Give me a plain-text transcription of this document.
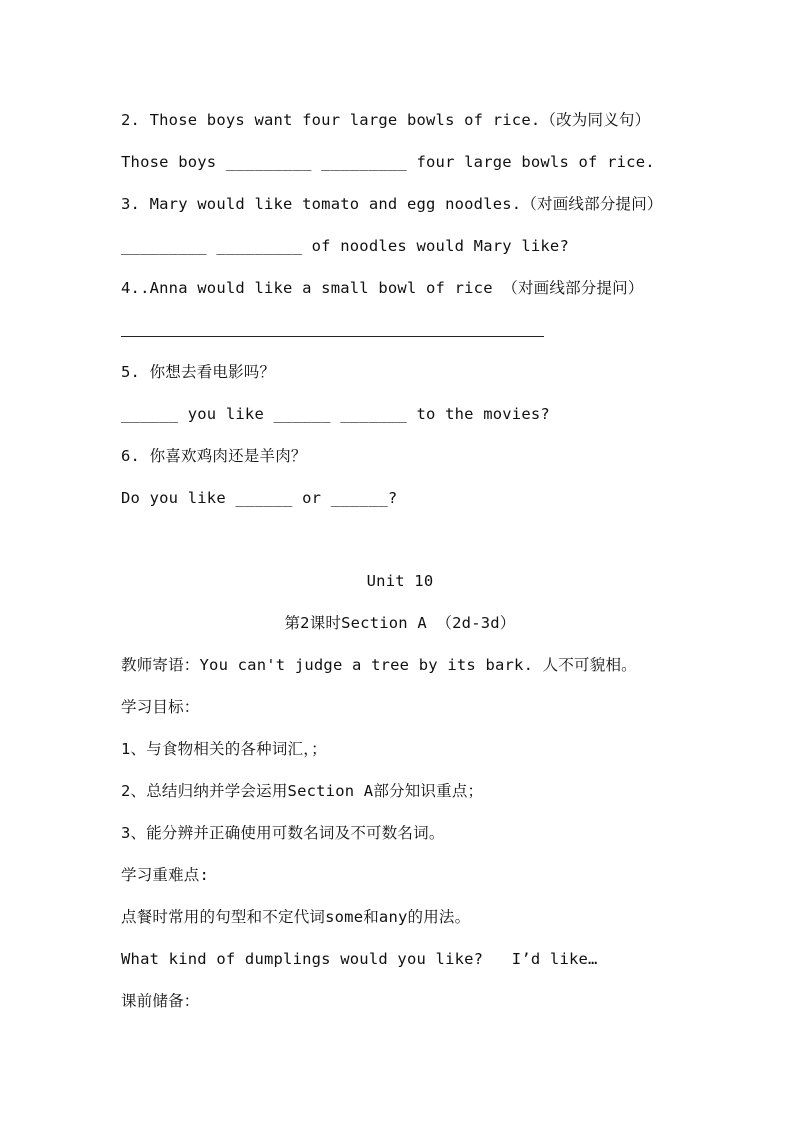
2. Those boys want four large bowls of rice.（改为同义句）
Those boys _________ _________ four large bowls of rice.
3. Mary would like tomato and egg noodles.（对画线部分提问）
_________ _________ of noodles would Mary like?
4..Anna would like a small bowl of rice （对画线部分提问）
5. 你想去看电影吗？
______ you like ______ _______ to the movies?
6. 你喜欢鸡肉还是羊肉？
Do you like ______ or ______?
Unit 10
第2课时Section A （2d-3d）
教师寄语：You can't judge a tree by its bark. 人不可貌相。
学习目标：
1、与食物相关的各种词汇，；
2、总结归纳并学会运用Section A部分知识重点；
3、能分辨并正确使用可数名词及不可数名词。
学习重难点:
点餐时常用的句型和不定代词some和any的用法。
What kind of dumplings would you like?   I’d like…
课前储备：
